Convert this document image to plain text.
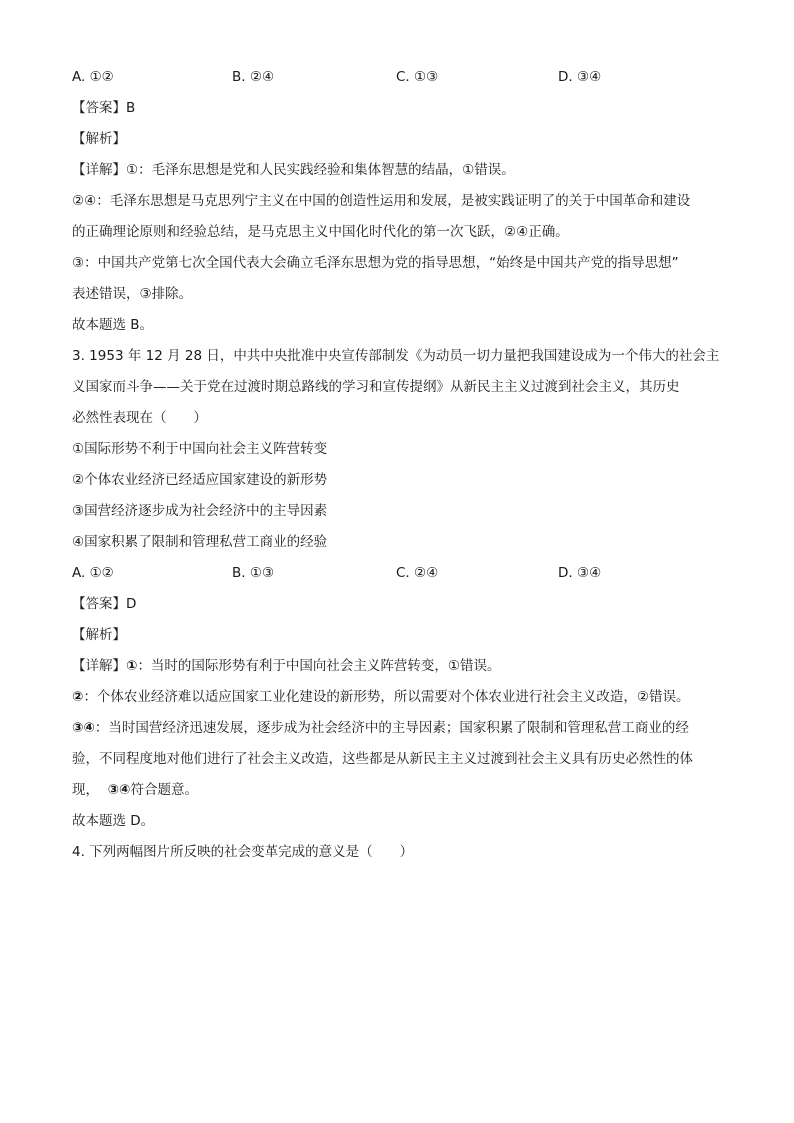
A. ①②	B. ②④	C. ①③	D. ③④
【答案】B
【解析】
【详解】①：毛泽东思想是党和人民实践经验和集体智慧的结晶，①错误。
②④：毛泽东思想是马克思列宁主义在中国的创造性运用和发展，是被实践证明了的关于中国革命和建设
的正确理论原则和经验总结，是马克思主义中国化时代化的第一次飞跃，②④正确。
③：中国共产党第七次全国代表大会确立毛泽东思想为党的指导思想，“始终是中国共产党的指导思想”
表述错误，③排除。
故本题选 B。
3. 1953 年 12 月 28 日，中共中央批准中央宣传部制发《为动员一切力量把我国建设成为一个伟大的社会主
义国家而斗争——关于党在过渡时期总路线的学习和宣传提纲》从新民主主义过渡到社会主义，其历史
必然性表现在（　　）
①国际形势不利于中国向社会主义阵营转变
②个体农业经济已经适应国家建设的新形势
③国营经济逐步成为社会经济中的主导因素
④国家积累了限制和管理私营工商业的经验
A. ①②	B. ①③	C. ②④	D. ③④
【答案】D
【解析】
【详解】①：当时的国际形势有利于中国向社会主义阵营转变，①错误。
②：个体农业经济难以适应国家工业化建设的新形势，所以需要对个体农业进行社会主义改造，②错误。
③④：当时国营经济迅速发展，逐步成为社会经济中的主导因素；国家积累了限制和管理私营工商业的经
验，不同程度地对他们进行了社会主义改造，这些都是从新民主主义过渡到社会主义具有历史必然性的体
现， ③④符合题意。
故本题选 D。
4. 下列两幅图片所反映的社会变革完成的意义是（　　）
